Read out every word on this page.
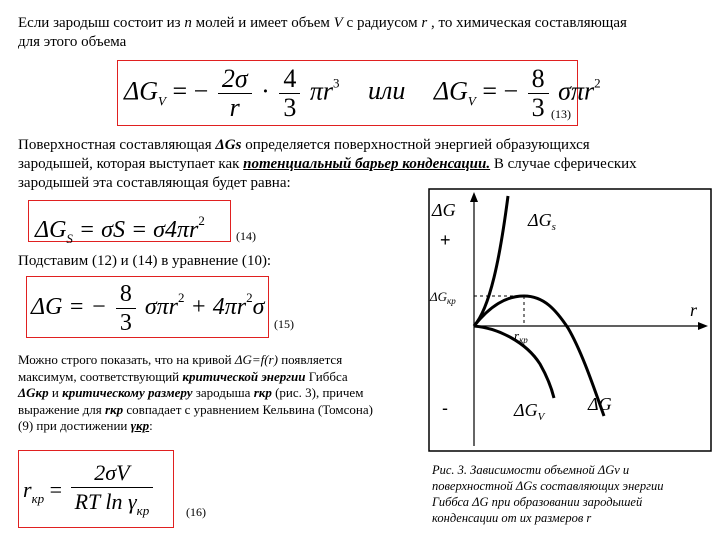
Если зародыш состоит из n молей и имеет объем V с радиусом r , то химическая составляющая
для этого объема
$\Delta G_V$ = − $\frac{2\sigma}{r} \cdot \frac{4}{3} \pi r^3$ или $\Delta G_V$ = − $\frac{8}{3} \sigma\pi r^2$
(13)
Поверхностная составляющая ΔGs определяется поверхностной энергией образующихся
зародышей, которая выступает как потенциальный барьер конденсации. В случае сферических
зародышей эта составляющая будет равна:
$\Delta G_S = \sigma S = \sigma 4\pi r^2$
(14)
Подставим (12) и (14) в уравнение (10):
ΔG = − $\frac{8}{3} \sigma\pi r^2 + 4\pi r^2\sigma$
(15)
Можно строго показать, что на кривой ΔG=f(r) появляется
максимум, соответствующий критической энергии Гиббса
ΔGкр и критическому размеру зародыша rкр (рис. 3), причем
выражение для rкр совпадает с уравнением Кельвина (Томсона)
(9) при достижении γкр:
$r_{кр} = \frac{2\sigma V}{RT \ln \gamma_{кр}}$	(16)
ΔG
r
+
-
$\Delta G_s$
$\Delta G_{кр}$
$r_{кр}$
$\Delta G_V$
ΔG
Рис. 3. Зависимости объемной ΔGv и
поверхностной ΔGs составляющих энергии
Гиббса ΔG при образовании зародышей
конденсации от их размеров r
